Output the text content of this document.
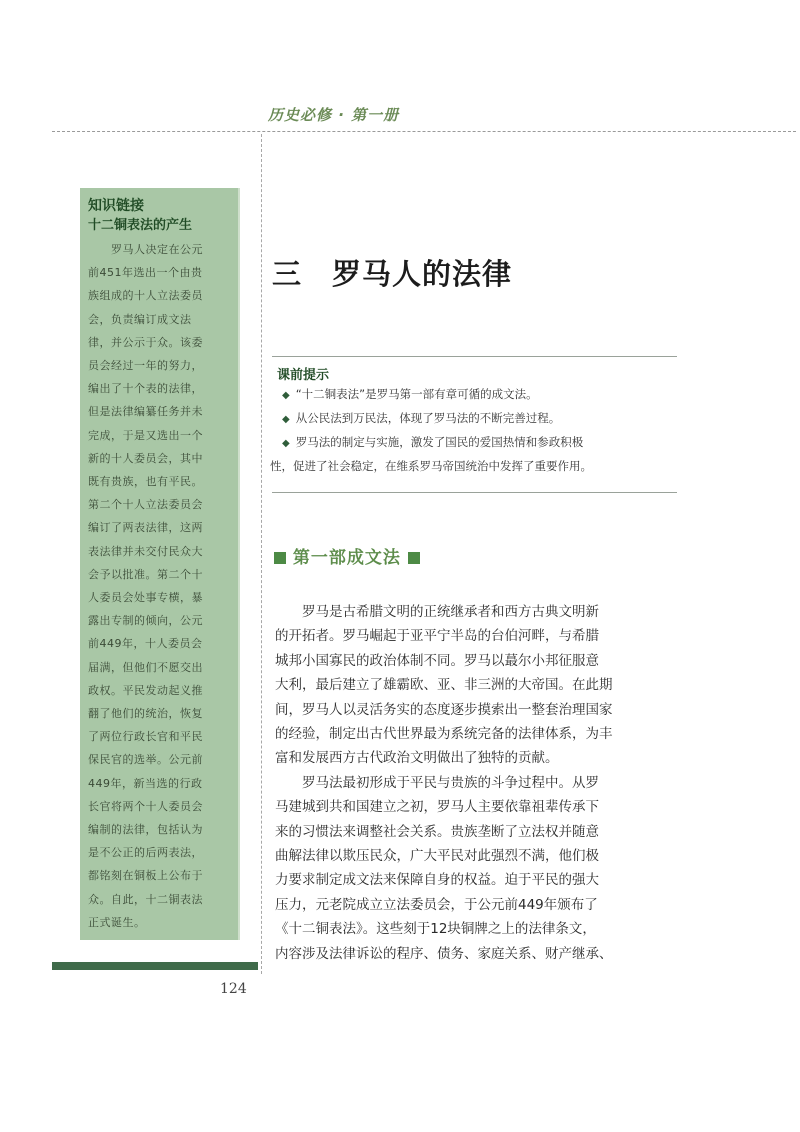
历史必修 · 第一册
知识链接
十二铜表法的产生
　　罗马人决定在公元
前451年选出一个由贵
族组成的十人立法委员
会，负责编订成文法
律，并公示于众。该委
员会经过一年的努力，
编出了十个表的法律，
但是法律编纂任务并未
完成，于是又选出一个
新的十人委员会，其中
既有贵族，也有平民。
第二个十人立法委员会
编订了两表法律，这两
表法律并未交付民众大
会予以批准。第二个十
人委员会处事专横，暴
露出专制的倾向，公元
前449年，十人委员会
届满，但他们不愿交出
政权。平民发动起义推
翻了他们的统治，恢复
了两位行政长官和平民
保民官的选举。公元前
449年，新当选的行政
长官将两个十人委员会
编制的法律，包括认为
是不公正的后两表法，
都铭刻在铜板上公布于
众。自此，十二铜表法
正式诞生。
124
三　罗马人的法律
课前提示
◆ “十二铜表法”是罗马第一部有章可循的成文法。
◆ 从公民法到万民法，体现了罗马法的不断完善过程。
◆ 罗马法的制定与实施，激发了国民的爱国热情和参政积极
性，促进了社会稳定，在维系罗马帝国统治中发挥了重要作用。
第一部成文法
　　罗马是古希腊文明的正统继承者和西方古典文明新
的开拓者。罗马崛起于亚平宁半岛的台伯河畔，与希腊
城邦小国寡民的政治体制不同。罗马以蕞尔小邦征服意
大利，最后建立了雄霸欧、亚、非三洲的大帝国。在此期
间，罗马人以灵活务实的态度逐步摸索出一整套治理国家
的经验，制定出古代世界最为系统完备的法律体系，为丰
富和发展西方古代政治文明做出了独特的贡献。
　　罗马法最初形成于平民与贵族的斗争过程中。从罗
马建城到共和国建立之初，罗马人主要依靠祖辈传承下
来的习惯法来调整社会关系。贵族垄断了立法权并随意
曲解法律以欺压民众，广大平民对此强烈不满，他们极
力要求制定成文法来保障自身的权益。迫于平民的强大
压力，元老院成立立法委员会，于公元前449年颁布了
《十二铜表法》。这些刻于12块铜牌之上的法律条文，
内容涉及法律诉讼的程序、债务、家庭关系、财产继承、
